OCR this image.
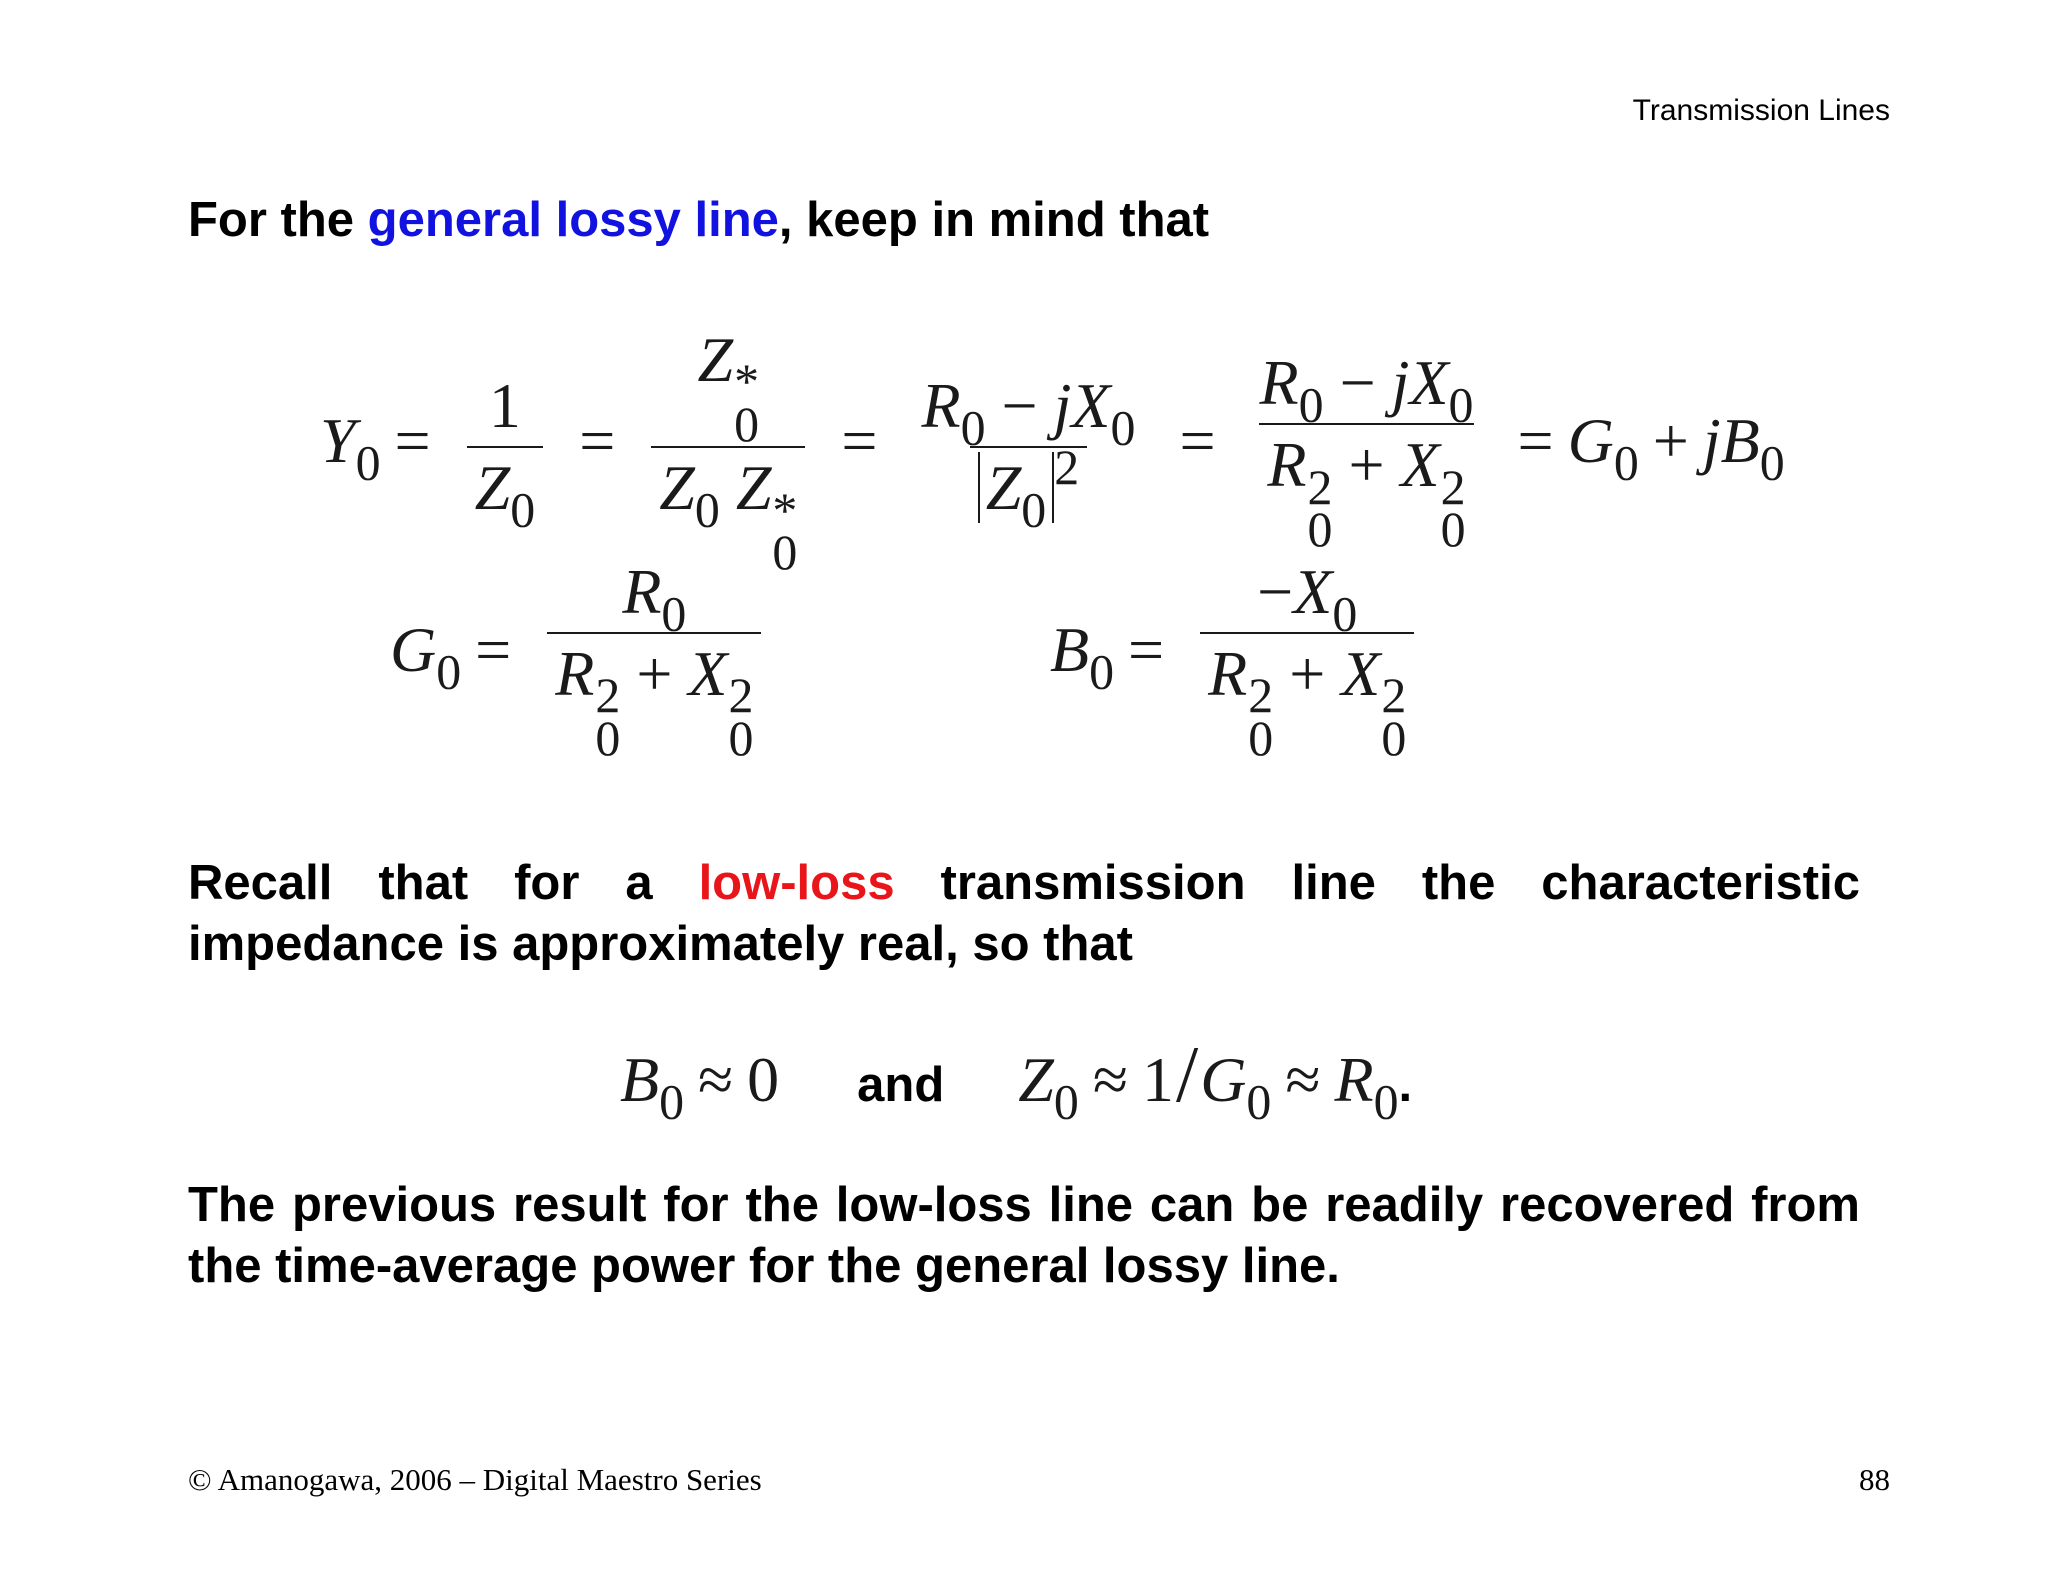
Transmission Lines
For the general lossy line, keep in mind that
$Y_0 = \frac{1}{Z_0} = Z$ *
0
$Z_0$ Z *
$0 = \frac{R_0 - jX_0}{Z_0^2} = R_0 - jX_0$
R 2
0
+ X 2
$0 = G_0 + jB_0$
$G_0 = R_0$
R 2
0
+ X 2
0	$B_0 = -X_0$
R 2
0
+ X 2
0
Recall that for a low-loss transmission line the characteristic impedance is approximately real, so that
$B_0 \approx 0$ and $Z_0 \approx 1/G_0 \approx R_0$.
The previous result for the low-loss line can be readily recovered from the time-average power for the general lossy line.
© Amanogawa, 2006 – Digital Maestro Series	88
